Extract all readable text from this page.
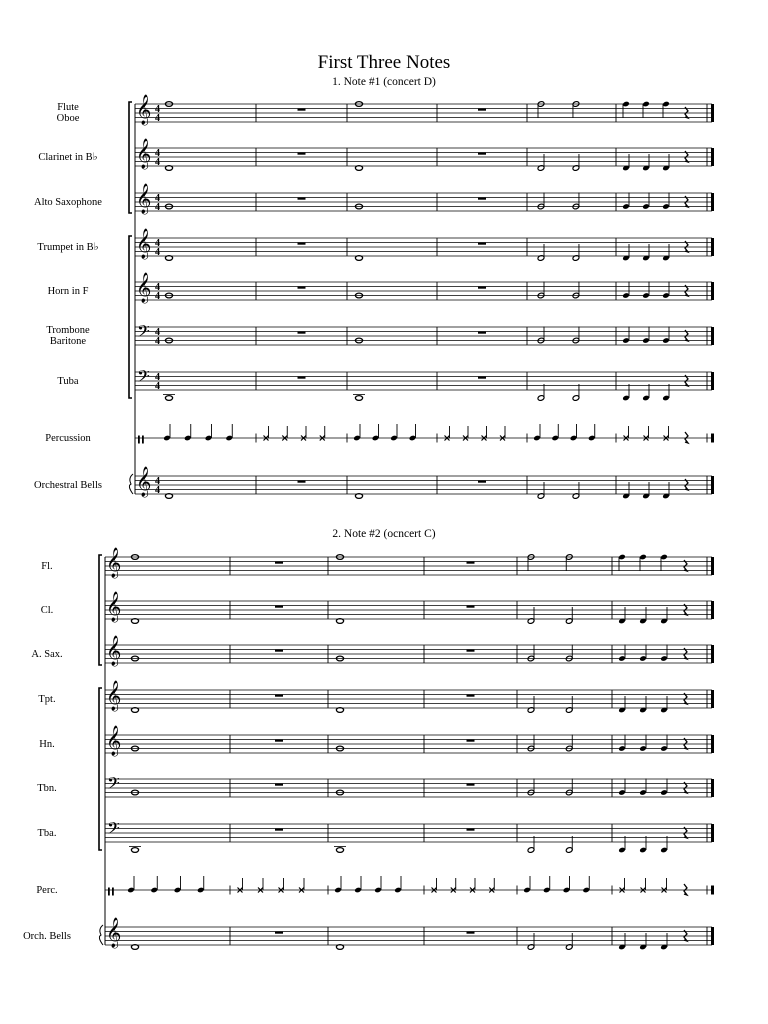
First Three Notes
𝄞 4
4
𝄞 4
4
𝄞 4
4
𝄞 4
4
𝄞 4
4
𝄢 4
4
𝄢 4
4
𝄞 4
4
𝄞
𝄞
𝄞
𝄞
𝄞
𝄢
𝄢
𝄞
1. Note #1 (concert D)
Flute
Oboe
Clarinet in B♭
Alto Saxophone
Trumpet in B♭
Horn in F
Trombone
Baritone
Tuba
Percussion
Orchestral Bells
2. Note #2 (ocncert C)
Fl.
Cl.
A. Sax.
Tpt.
Hn.
Tbn.
Tba.
Perc.
Orch. Bells
